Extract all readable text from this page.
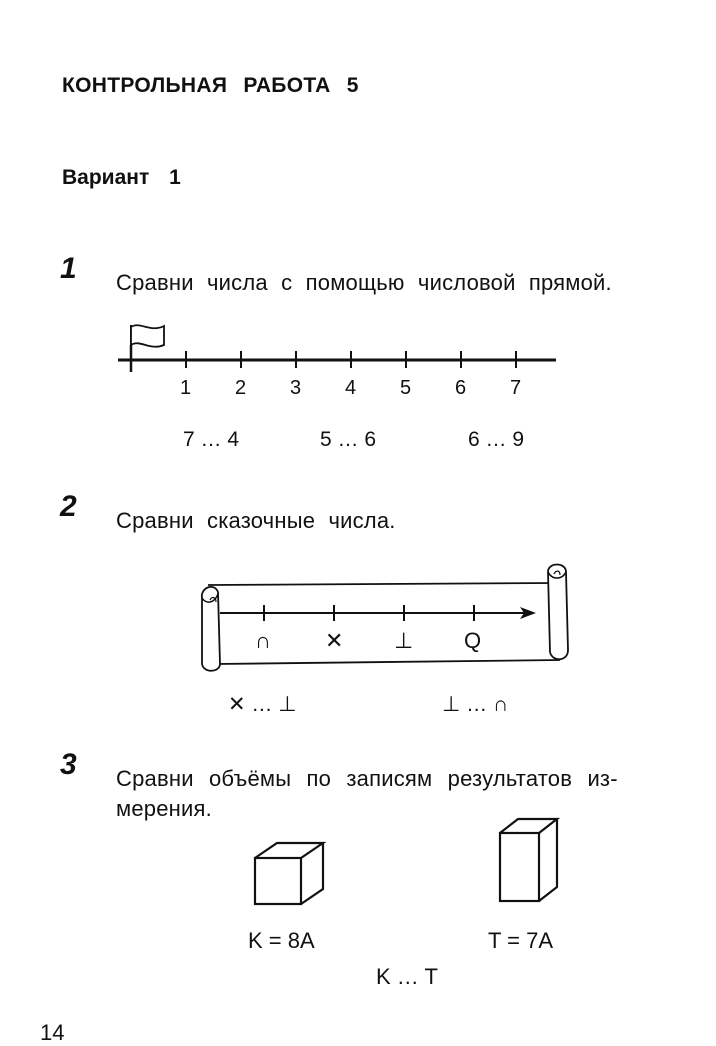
КОНТРОЛЬНАЯ РАБОТА 5
Вариант 1
1 Сравни числа с помощью числовой прямой.
1 2 3 4 5 6 7
7 … 4	5 … 6	6 … 9
2 Сравни сказочные числа.
∩ ✕ ⊥ Q
✕ … ⊥	⊥ … ∩
3 Сравни объёмы по записям результатов из-
мерения.
K = 8A	T = 7A
K … T
14
